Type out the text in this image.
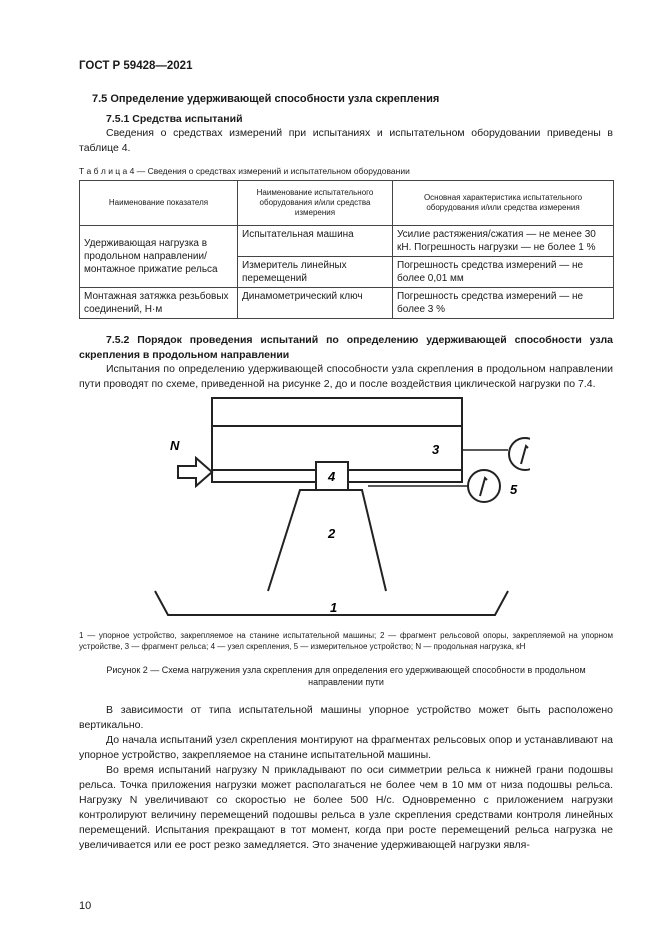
ГОСТ Р 59428—2021
7.5 Определение удерживающей способности узла скрепления
7.5.1 Средства испытаний
Сведения о средствах измерений при испытаниях и испытательном оборудовании приведены в таблице 4.
Т а б л и ц а 4 — Сведения о средствах измерений и испытательном оборудовании
Наименование показателя	Наименование испытательного оборудования и/или средства измерения	Основная характеристика испытательного оборудования и/или средства измерения
Удерживающая нагрузка в продольном направлении/монтажное прижатие рельса	Испытательная машина	Усилие растяжения/сжатия — не менее 30 кН. Погрешность нагрузки — не более 1 %
	Измеритель линейных перемещений	Погрешность средства измерений — не более 0,01 мм
Монтажная затяжка резьбовых соединений, Н·м	Динамометрический ключ	Погрешность средства измерений — не более 3 %
7.5.2 Порядок проведения испытаний по определению удерживающей способности узла скрепления в продольном направлении
Испытания по определению удерживающей способности узла скрепления в продольном направлении пути проводят по схеме, приведенной на рисунке 2, до и после воздействия циклической нагрузки по 7.4.
N
4
3
2
1
5
1 — упорное устройство, закрепляемое на станине испытательной машины; 2 — фрагмент рельсовой опоры, закрепляемой на упорном устройстве, 3 — фрагмент рельса; 4 — узел скрепления, 5 — измерительное устройство; N — продольная нагрузка, кН
Рисунок 2 — Схема нагружения узла скрепления для определения его удерживающей способности в продольном направлении пути
В зависимости от типа испытательной машины упорное устройство может быть расположено вертикально.
До начала испытаний узел скрепления монтируют на фрагментах рельсовых опор и устанавливают на упорное устройство, закрепляемое на станине испытательной машины.
Во время испытаний нагрузку N прикладывают по оси симметрии рельса к нижней грани подошвы рельса. Точка приложения нагрузки может располагаться не более чем в 10 мм от низа подошвы рельса. Нагрузку N увеличивают со скоростью не более 500 Н/с. Одновременно с приложением нагрузки контролируют величину перемещений подошвы рельса в узле скрепления средствами контроля линейных перемещений. Испытания прекращают в тот момент, когда при росте перемещений рельса нагрузка не увеличивается или ее рост резко замедляется. Это значение удерживающей нагрузки явля-
10
